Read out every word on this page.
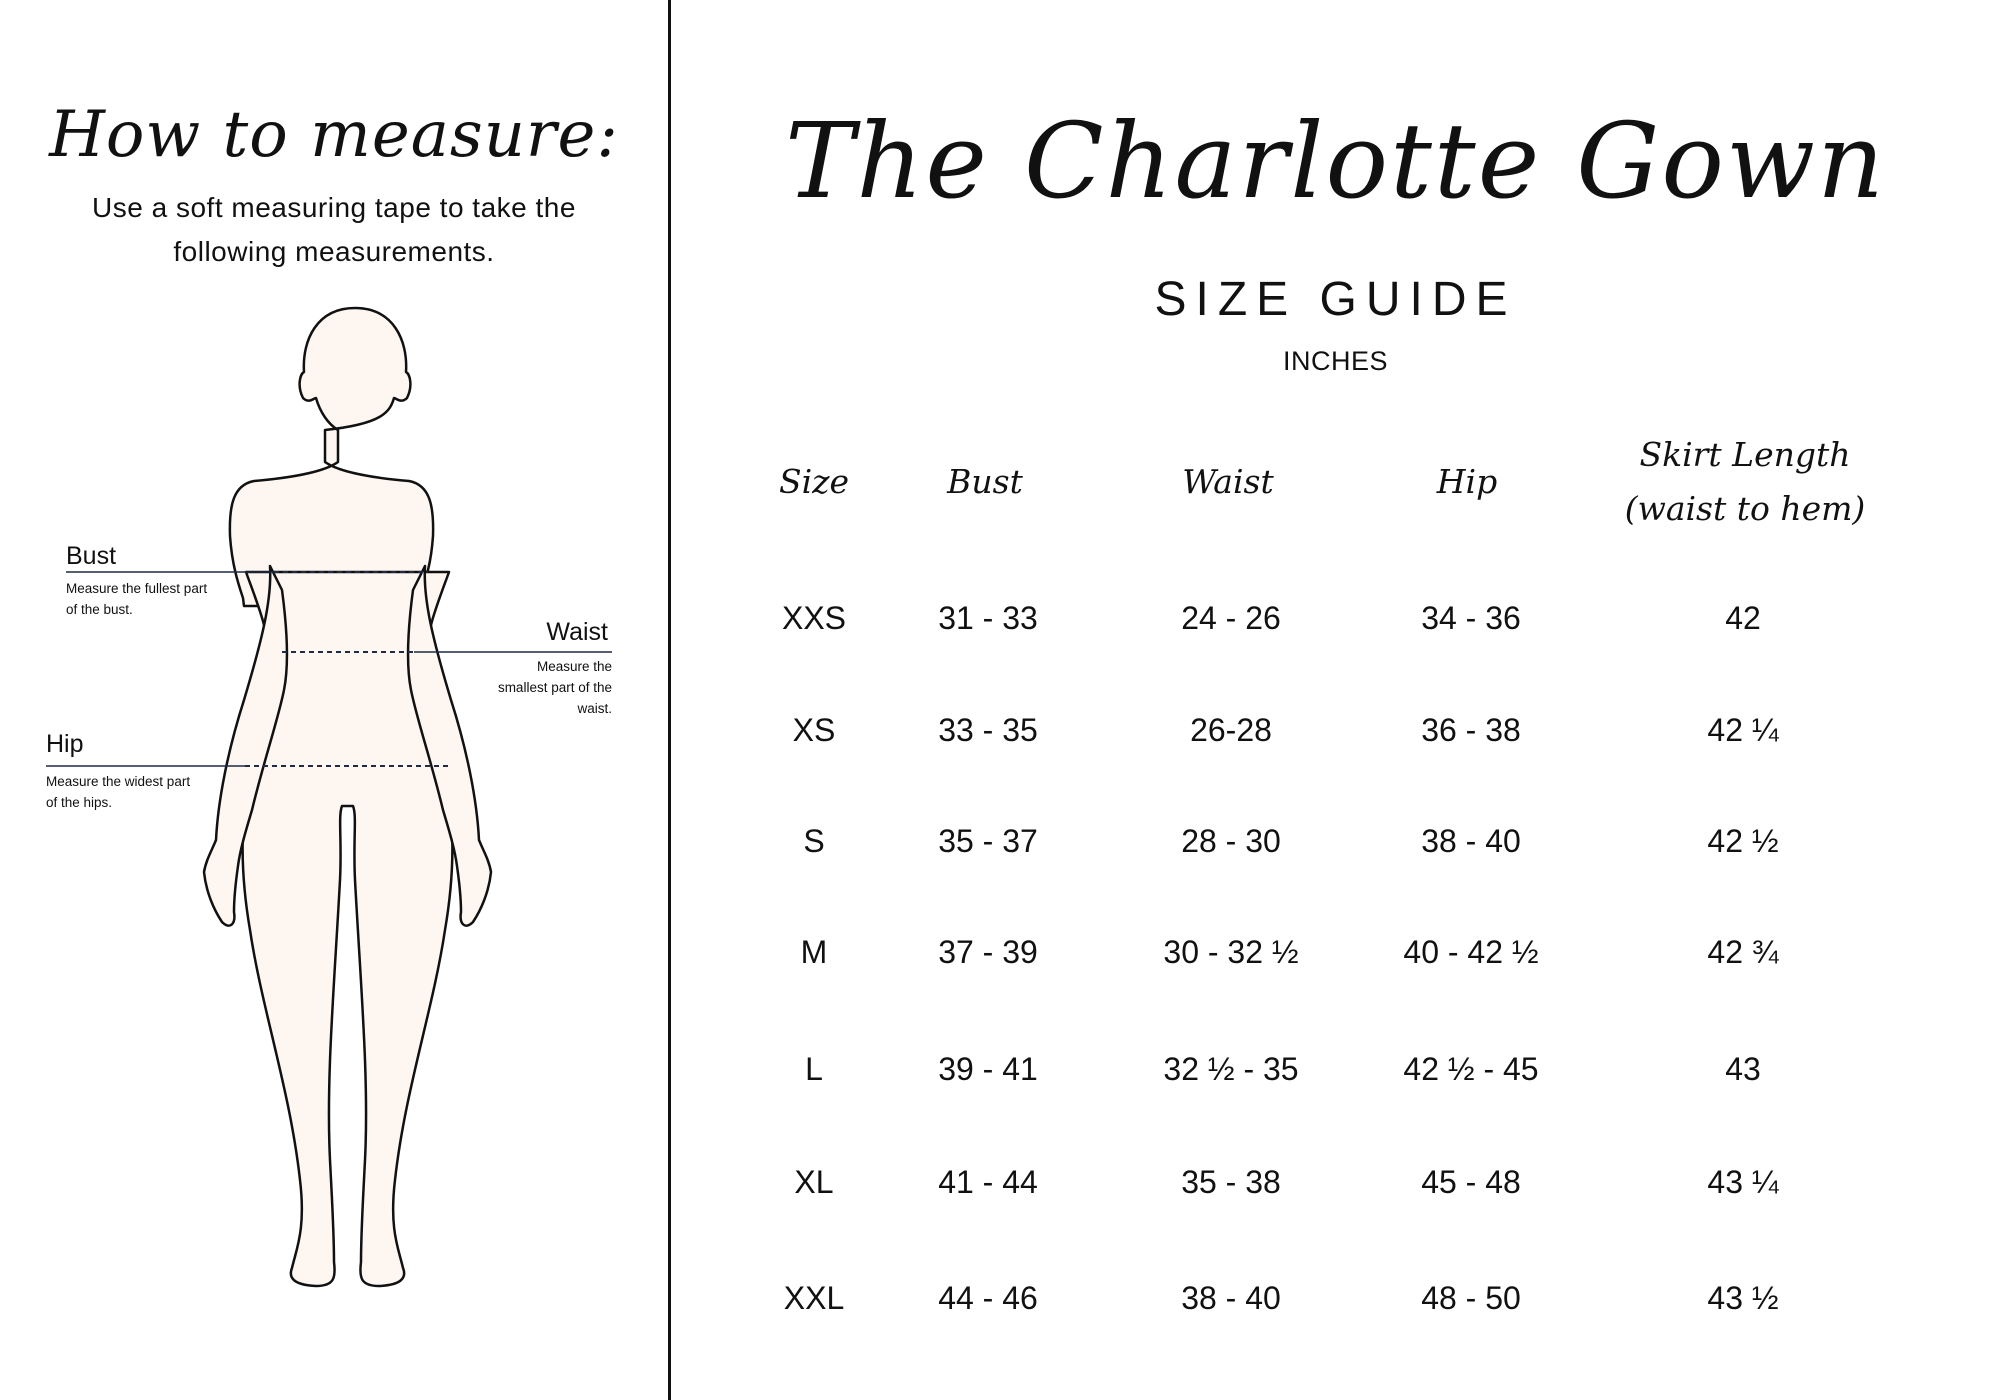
How to measure:

Use a soft measuring tape to take the following measurements.

Bust

Measure the fullest part of the bust.

Waist

Measure the smallest part of the waist.

Hip

Measure the widest part of the hips.

The Charlotte Gown
SIZE GUIDE

INCHES

Size	Bust	Waist	Hip
Skirt Length
(waist to hem)
XXS	31 - 33	24 - 26	34 - 36	42
XS	33 - 35	26-28	36 - 38	42 ¼
S	35 - 37	28 - 30	38 - 40	42 ½
M	37 - 39	30 - 32 ½	40 - 42 ½	42 ¾
L	39 - 41	32 ½ - 35	42 ½ - 45	43
XL	41 - 44	35 - 38	45 - 48	43 ¼
XXL	44 - 46	38 - 40	48 - 50	43 ½
